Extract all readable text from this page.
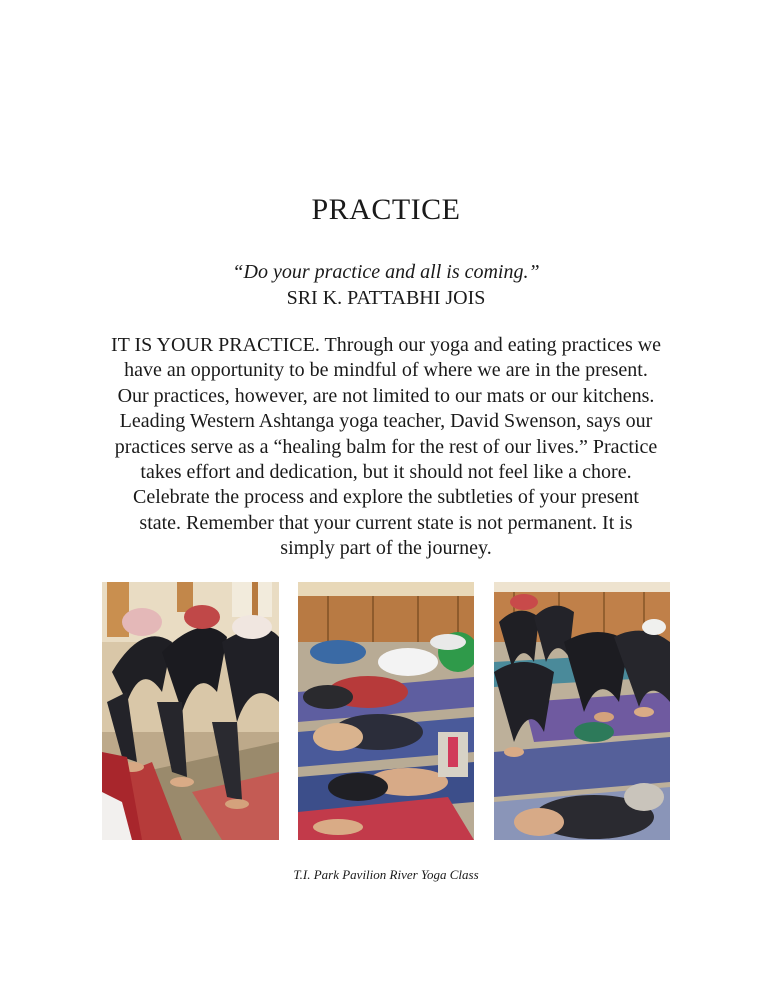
PRACTICE
“Do your practice and all is coming.”
SRI K. PATTABHI JOIS
IT IS YOUR PRACTICE. Through our yoga and eating practices we
have an opportunity to be mindful of where we are in the present.
Our practices, however, are not limited to our mats or our kitchens.
Leading Western Ashtanga yoga teacher, David Swenson, says our
practices serve as a “healing balm for the rest of our lives.” Practice
takes effort and dedication, but it should not feel like a chore.
Celebrate the process and explore the subtleties of your present
state. Remember that your current state is not permanent. It is
simply part of the journey.
T.I. Park Pavilion River Yoga Class
